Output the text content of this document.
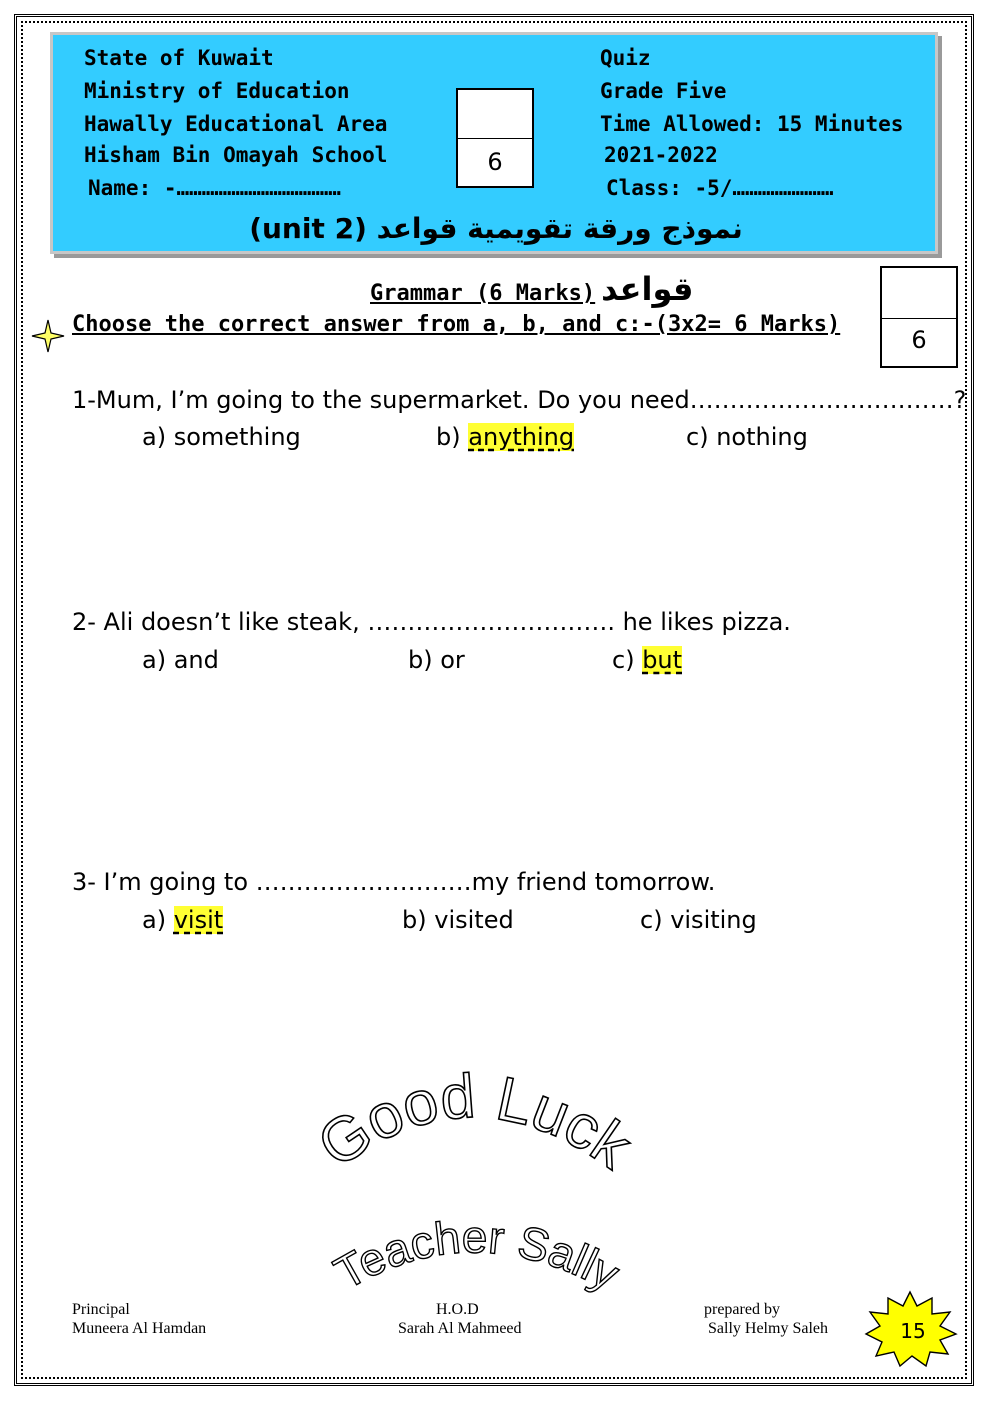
State of Kuwait
Ministry of Education
Hawally Educational Area
Hisham Bin Omayah School
Name: -…………………………………
Quiz
Grade Five
Time Allowed: 15 Minutes
2021-2022
Class: -5/……………………
6
نموذج ورقة تقويمية قواعد (unit 2)
Grammar (6 Marks) قواعد
6
Choose the correct answer from a, b, and c:-(3x2= 6 Marks)
1-Mum, I’m going to the supermarket. Do you need……………………………?
a) something	b) anything	c) nothing
2- Ali doesn’t like steak, …………………………. he likes pizza.
a) and	b) or	c) but
3- I’m going to ………………………my friend tomorrow.
a) visit	b) visited	c) visiting
Good Luck
Teacher Sally
Principal
Muneera Al Hamdan
H.O.D
Sarah Al Mahmeed
prepared by
Sally Helmy Saleh	15
